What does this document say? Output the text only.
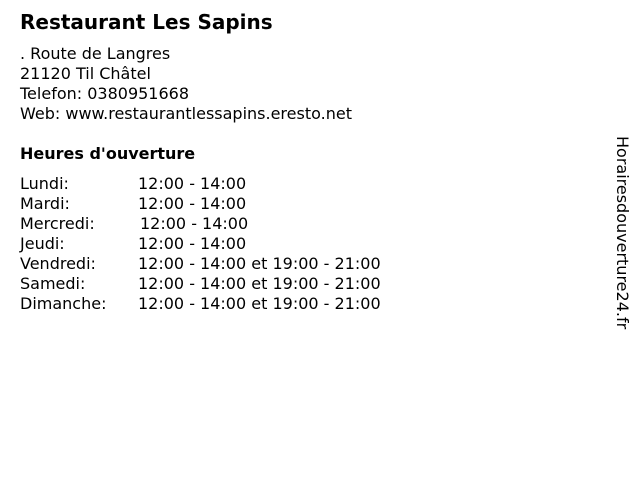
Restaurant Les Sapins
. Route de Langres
21120 Til Châtel
Telefon: 0380951668
Web: www.restaurantlessapins.eresto.net
Heures d'ouverture
Lundi:	12:00 - 14:00
Mardi:	12:00 - 14:00
Mercredi:	12:00 - 14:00
Jeudi:	12:00 - 14:00
Vendredi:	12:00 - 14:00 et 19:00 - 21:00
Samedi:	12:00 - 14:00 et 19:00 - 21:00
Dimanche: 12:00 - 14:00 et 19:00 - 21:00	Horairesdouverture24.fr
